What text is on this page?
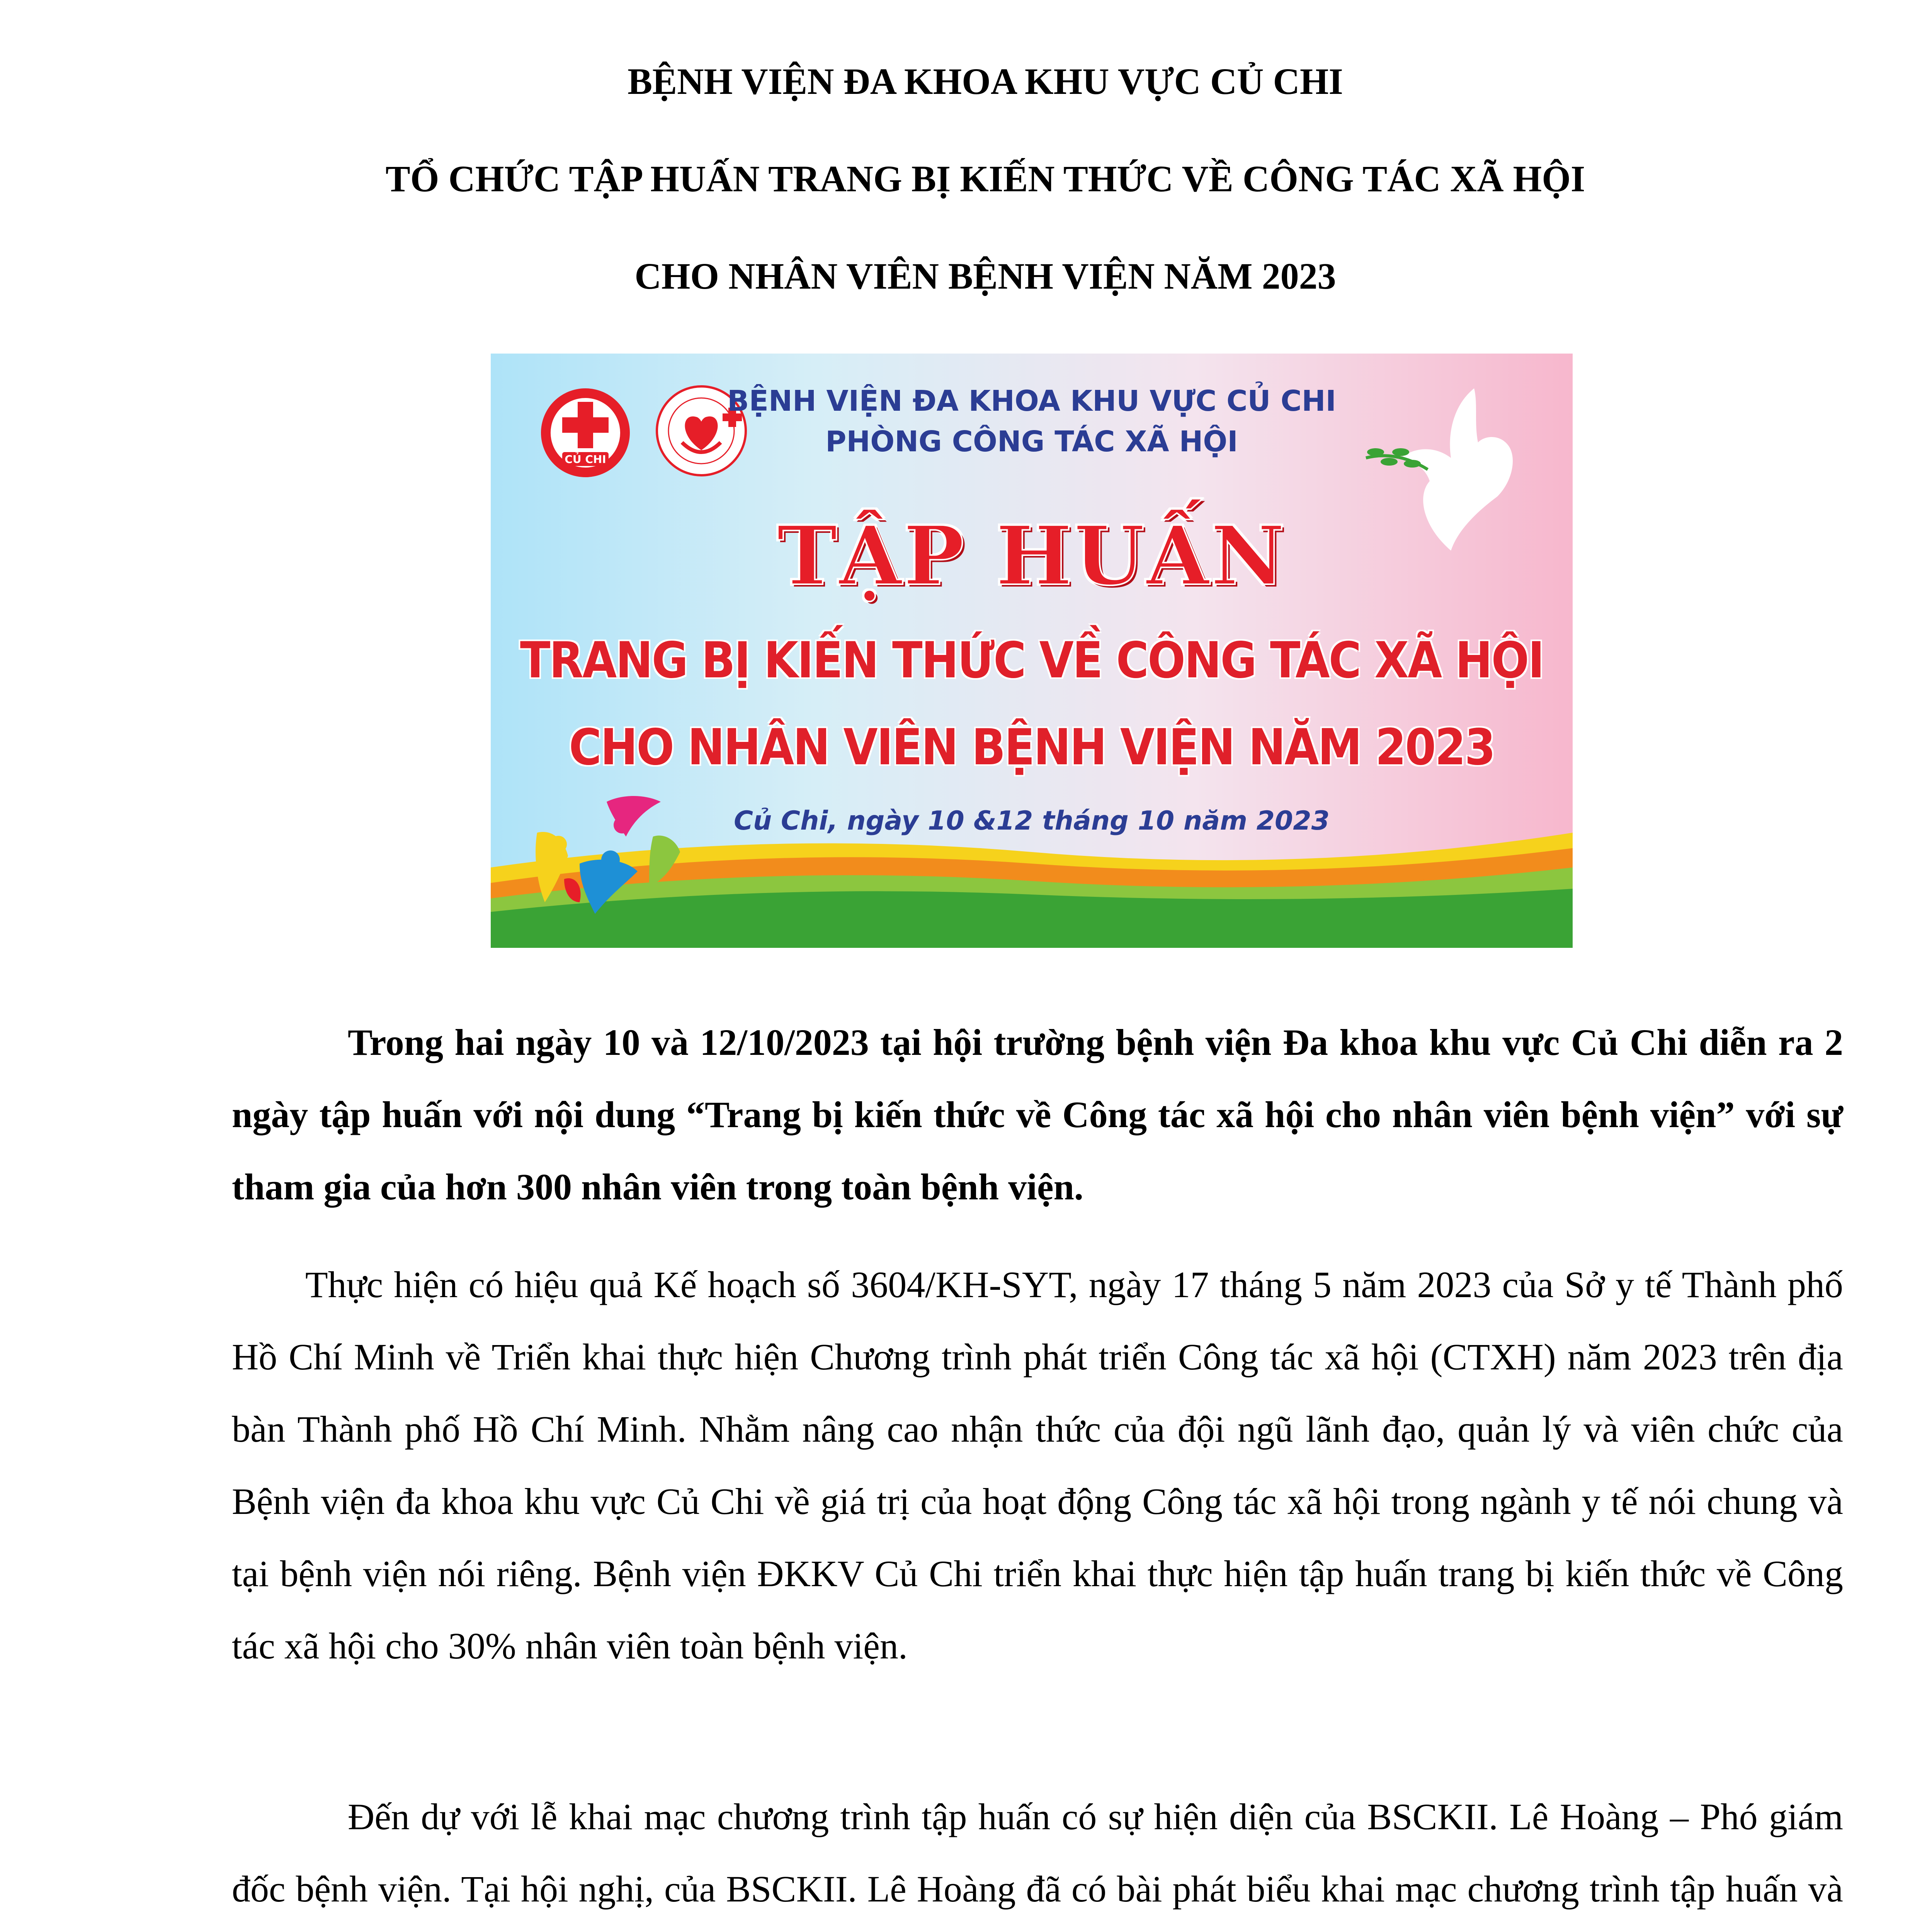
BỆNH VIỆN ĐA KHOA KHU VỰC CỦ CHI

TỔ CHỨC TẬP HUẤN TRANG BỊ KIẾN THỨC VỀ CÔNG TÁC XÃ HỘI

CHO NHÂN VIÊN BỆNH VIỆN NĂM 2023

CỦ CHI
BỆNH VIỆN ĐA KHOA KHU VỰC CỦ CHI
PHÒNG CÔNG TÁC XÃ HỘI
TẬP HUẤN
TRANG BỊ KIẾN THỨC VỀ CÔNG TÁC XÃ HỘI
CHO NHÂN VIÊN BỆNH VIỆN NĂM 2023
Củ Chi, ngày 10 &12 tháng 10 năm 2023

Trong hai ngày 10 và 12/10/2023 tại hội trường bệnh viện Đa khoa khu vực Củ Chi diễn ra 2 ngày tập huấn với nội dung “Trang bị kiến thức về Công tác xã hội cho nhân viên bệnh viện” với sự tham gia của hơn 300 nhân viên trong toàn bệnh viện.

Thực hiện có hiệu quả Kế hoạch số 3604/KH-SYT, ngày 17 tháng 5 năm 2023 của Sở y tế Thành phố Hồ Chí Minh về Triển khai thực hiện Chương trình phát triển Công tác xã hội (CTXH) năm 2023 trên địa bàn Thành phố Hồ Chí Minh. Nhằm nâng cao nhận thức của đội ngũ lãnh đạo, quản lý và viên chức của Bệnh viện đa khoa khu vực Củ Chi về giá trị của hoạt động Công tác xã hội trong ngành y tế nói chung và tại bệnh viện nói riêng. Bệnh viện ĐKKV Củ Chi triển khai thực hiện tập huấn trang bị kiến thức về Công tác xã hội cho 30% nhân viên toàn bệnh viện.

Đến dự với lễ khai mạc chương trình tập huấn có sự hiện diện của BSCKII. Lê Hoàng – Phó giám đốc bệnh viện. Tại hội nghị, của BSCKII. Lê Hoàng đã có bài phát biểu khai mạc chương trình tập huấn và
